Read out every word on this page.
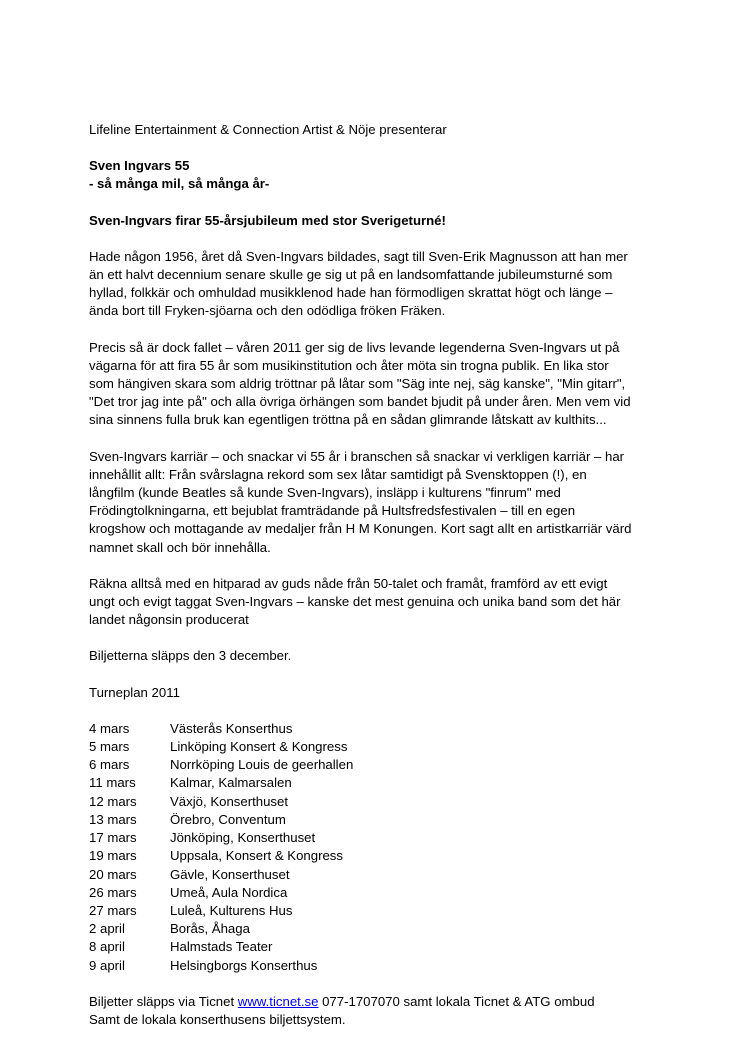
Lifeline Entertainment & Connection Artist & Nöje presenterar

Sven Ingvars 55

- så många mil, så många år-

Sven-Ingvars firar 55-årsjubileum med stor Sverigeturné!

Hade någon 1956, året då Sven-Ingvars bildades, sagt till Sven-Erik Magnusson att han mer

än ett halvt decennium senare skulle ge sig ut på en landsomfattande jubileumsturné som

hyllad, folkkär och omhuldad musikklenod hade han förmodligen skrattat högt och länge –

ända bort till Fryken-sjöarna och den odödliga fröken Fräken.

Precis så är dock fallet – våren 2011 ger sig de livs levande legenderna Sven-Ingvars ut på

vägarna för att fira 55 år som musikinstitution och åter möta sin trogna publik. En lika stor

som hängiven skara som aldrig tröttnar på låtar som "Säg inte nej, säg kanske", "Min gitarr",

"Det tror jag inte på" och alla övriga örhängen som bandet bjudit på under åren. Men vem vid

sina sinnens fulla bruk kan egentligen tröttna på en sådan glimrande låtskatt av kulthits...

Sven-Ingvars karriär – och snackar vi 55 år i branschen så snackar vi verkligen karriär – har

innehållit allt: Från svårslagna rekord som sex låtar samtidigt på Svensktoppen (!), en

långfilm (kunde Beatles så kunde Sven-Ingvars), insläpp i kulturens "finrum" med

Frödingtolkningarna, ett bejublat framträdande på Hultsfredsfestivalen – till en egen

krogshow och mottagande av medaljer från H M Konungen. Kort sagt allt en artistkarriär värd

namnet skall och bör innehålla.

Räkna alltså med en hitparad av guds nåde från 50-talet och framåt, framförd av ett evigt

ungt och evigt taggat Sven-Ingvars – kanske det mest genuina och unika band som det här

landet någonsin producerat

Biljetterna släpps den 3 december.

Turneplan 2011

4 mars	Västerås Konserthus
5 mars	Linköping Konsert & Kongress
6 mars	Norrköping Louis de geerhallen
11 mars	Kalmar, Kalmarsalen
12 mars	Växjö, Konserthuset
13 mars	Örebro, Conventum
17 mars	Jönköping, Konserthuset
19 mars	Uppsala, Konsert & Kongress
20 mars	Gävle, Konserthuset
26 mars	Umeå, Aula Nordica
27 mars	Luleå, Kulturens Hus
2 april	Borås, Åhaga
8 april	Halmstads Teater
9 april	Helsingborgs Konserthus

Biljetter släpps via Ticnet www.ticnet.se 077-1707070 samt lokala Ticnet & ATG ombud

Samt de lokala konserthusens biljettsystem.
